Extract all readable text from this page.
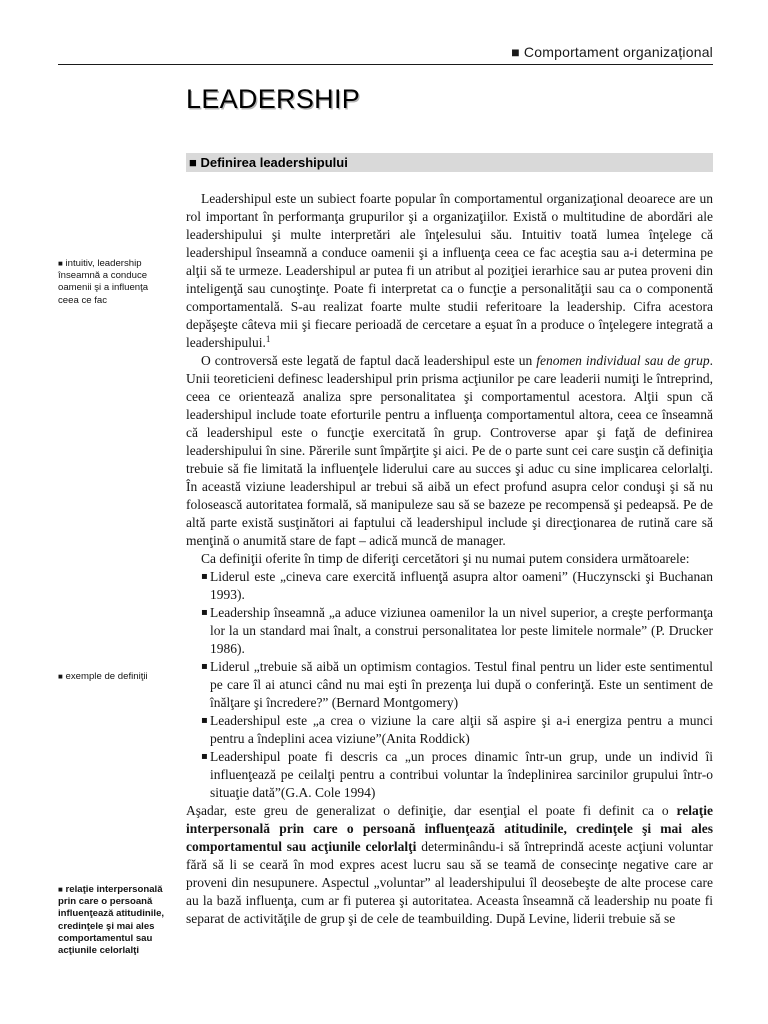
■ Comportament organizațional
LEADERSHIP
■ Definirea leadershipului
■ intuitiv, leadership înseamnă a conduce oamenii şi a influenţa ceea ce fac
■ exemple de definiţii
■ relaţie interpersonală prin care o persoană influenţează atitudinile, credinţele şi mai ales comportamentul sau acţiunile celorlalţi

Leadershipul este un subiect foarte popular în comportamentul organizaţional deoarece are un rol important în performanţa grupurilor şi a organizaţiilor. Există o multitudine de abordări ale leadershipului şi multe interpretări ale înţelesului său. Intuitiv toată lumea înţelege că leadershipul înseamnă a conduce oamenii şi a influenţa ceea ce fac aceştia sau a-i determina pe alţii să te urmeze. Leadershipul ar putea fi un atribut al poziţiei ierarhice sau ar putea proveni din inteligenţă sau cunoştinţe. Poate fi interpretat ca o funcţie a personalităţii sau ca o componentă comportamentală. S-au realizat foarte multe studii referitoare la leadership. Cifra acestora depăşeşte câteva mii şi fiecare perioadă de cercetare a eşuat în a produce o înţelegere integrată a leadershipului.$^1$

O controversă este legată de faptul dacă leadershipul este un fenomen individual sau de grup. Unii teoreticieni definesc leadershipul prin prisma acţiunilor pe care leaderii numiţi le întreprind, ceea ce orientează analiza spre personalitatea şi comportamentul acestora. Alţii spun că leadershipul include toate eforturile pentru a influenţa comportamentul altora, ceea ce înseamnă că leadershipul este o funcţie exercitată în grup. Controverse apar şi faţă de definirea leadershipului în sine. Părerile sunt împărţite şi aici. Pe de o parte sunt cei care susţin că definiţia trebuie să fie limitată la influenţele liderului care au succes şi aduc cu sine implicarea celorlalţi. În această viziune leadershipul ar trebui să aibă un efect profund asupra celor conduşi şi să nu folosească autoritatea formală, să manipuleze sau să se bazeze pe recompensă şi pedeapsă. Pe de altă parte există susţinători ai faptului că leadershipul include şi direcţionarea de rutină care să menţină o anumită stare de fapt – adică muncă de manager.

Ca definiţii oferite în timp de diferiţi cercetători şi nu numai putem considera următoarele:

▪ Liderul este „cineva care exercită influenţă asupra altor oameni” (Huczynscki şi Buchanan 1993).
▪ Leadership înseamnă „a aduce viziunea oamenilor la un nivel superior, a creşte performanţa lor la un standard mai înalt, a construi personalitatea lor peste limitele normale” (P. Drucker 1986).
▪ Liderul „trebuie să aibă un optimism contagios. Testul final pentru un lider este sentimentul pe care îl ai atunci când nu mai eşti în prezenţa lui după o conferinţă. Este un sentiment de înălţare şi încredere?” (Bernard Montgomery)
▪ Leadershipul este „a crea o viziune la care alţii să aspire şi a-i energiza pentru a munci pentru a îndeplini acea viziune”(Anita Roddick)
▪ Leadershipul poate fi descris ca „un proces dinamic într-un grup, unde un individ îi influenţează pe ceilalţi pentru a contribui voluntar la îndeplinirea sarcinilor grupului într-o situaţie dată”(G.A. Cole 1994)

Aşadar, este greu de generalizat o definiţie, dar esenţial el poate fi definit ca o relaţie interpersonală prin care o persoană influenţează atitudinile, credinţele şi mai ales comportamentul sau acţiunile celorlalţi determinându-i să întreprindă aceste acţiuni voluntar fără să li se ceară în mod expres acest lucru sau să se teamă de consecinţe negative care ar proveni din nesupunere. Aspectul „voluntar” al leadershipului îl deosebeşte de alte procese care au la bază influenţa, cum ar fi puterea şi autoritatea. Aceasta înseamnă că leadership nu poate fi separat de activităţile de grup şi de cele de teambuilding. După Levine, liderii trebuie să se
